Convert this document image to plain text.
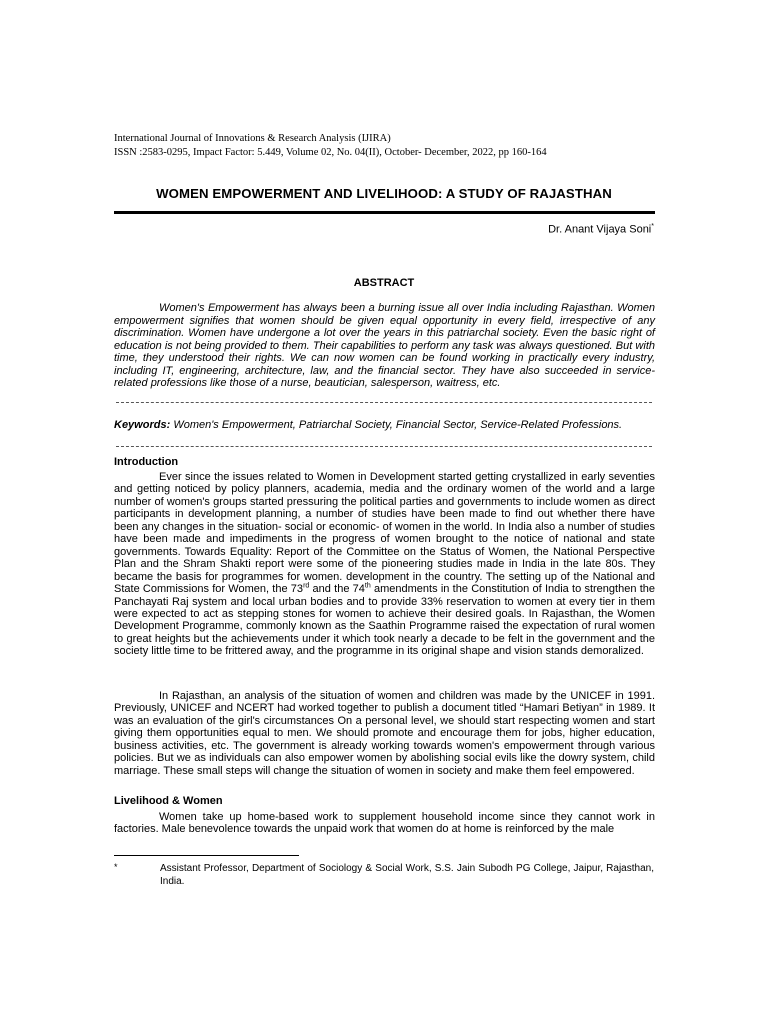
International Journal of Innovations & Research Analysis (IJIRA)
ISSN :2583-0295, Impact Factor: 5.449, Volume 02, No. 04(II), October- December, 2022, pp 160-164
WOMEN EMPOWERMENT AND LIVELIHOOD: A STUDY OF RAJASTHAN
Dr. Anant Vijaya Soni*
ABSTRACT
Women's Empowerment has always been a burning issue all over India including Rajasthan. Women empowerment signifies that women should be given equal opportunity in every field, irrespective of any discrimination. Women have undergone a lot over the years in this patriarchal society. Even the basic right of education is not being provided to them. Their capabilities to perform any task was always questioned. But with time, they understood their rights. We can now women can be found working in practically every industry, including IT, engineering, architecture, law, and the financial sector. They have also succeeded in service-related professions like those of a nurse, beautician, salesperson, waitress, etc.
Keywords: Women's Empowerment, Patriarchal Society, Financial Sector, Service-Related Professions.
Introduction
Ever since the issues related to Women in Development started getting crystallized in early seventies and getting noticed by policy planners, academia, media and the ordinary women of the world and a large number of women's groups started pressuring the political parties and governments to include women as direct participants in development planning, a number of studies have been made to find out whether there have been any changes in the situation- social or economic- of women in the world. In India also a number of studies have been made and impediments in the progress of women brought to the notice of national and state governments. Towards Equality: Report of the Committee on the Status of Women, the National Perspective Plan and the Shram Shakti report were some of the pioneering studies made in India in the late 80s. They became the basis for programmes for women. development in the country. The setting up of the National and State Commissions for Women, the 73rd and the 74th amendments in the Constitution of India to strengthen the Panchayati Raj system and local urban bodies and to provide 33% reservation to women at every tier in them were expected to act as stepping stones for women to achieve their desired goals. In Rajasthan, the Women Development Programme, commonly known as the Saathin Programme raised the expectation of rural women to great heights but the achievements under it which took nearly a decade to be felt in the government and the society little time to be frittered away, and the programme in its original shape and vision stands demoralized.
In Rajasthan, an analysis of the situation of women and children was made by the UNICEF in 1991. Previously, UNICEF and NCERT had worked together to publish a document titled “Hamari Betiyan” in 1989. It was an evaluation of the girl's circumstances On a personal level, we should start respecting women and start giving them opportunities equal to men. We should promote and encourage them for jobs, higher education, business activities, etc. The government is already working towards women's empowerment through various policies. But we as individuals can also empower women by abolishing social evils like the dowry system, child marriage. These small steps will change the situation of women in society and make them feel empowered.
Livelihood & Women
Women take up home-based work to supplement household income since they cannot work in factories. Male benevolence towards the unpaid work that women do at home is reinforced by the male
*	Assistant Professor, Department of Sociology & Social Work, S.S. Jain Subodh PG College, Jaipur, Rajasthan, India.
